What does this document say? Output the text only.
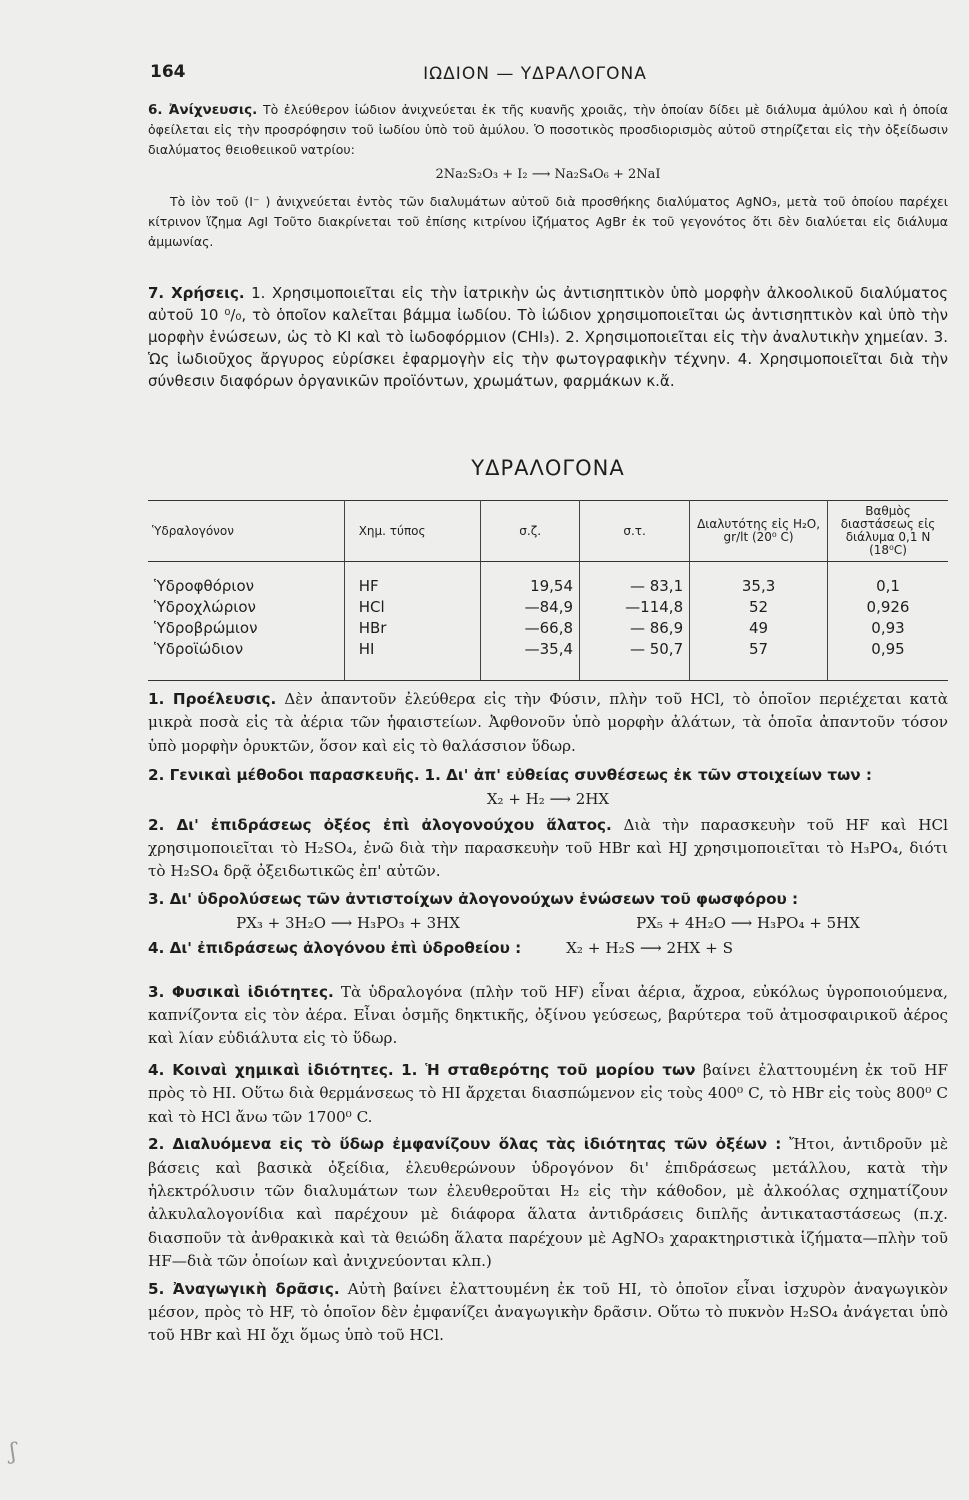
164	ΙΩΔΙΟΝ — ΥΔΡΑΛΟΓΟΝΑ

6. Ἀνίχνευσις. Τὸ ἐλεύθερον ἰώδιον ἀνιχνεύεται ἐκ τῆς κυανῆς χροιᾶς, τὴν ὁποίαν δίδει μὲ διάλυμα ἀμύλου καὶ ἡ ὁποία ὀφείλεται εἰς τὴν προσρόφησιν τοῦ ἰωδίου ὑπὸ τοῦ ἀμύλου. Ὁ ποσοτικὸς προσδιορισμὸς αὐτοῦ στηρίζεται εἰς τὴν ὀξείδωσιν διαλύματος θειοθειικοῦ νατρίου:

2Na₂S₂O₃ + I₂ ⟶ Na₂S₄O₆ + 2NaI

Τὸ ἰὸν τοῦ (I⁻ ) ἀνιχνεύεται ἐντὸς τῶν διαλυμάτων αὐτοῦ διὰ προσθήκης διαλύματος AgNO₃, μετὰ τοῦ ὁποίου παρέχει κίτρινον ἵζημα AgI Τοῦτο διακρίνεται τοῦ ἐπίσης κιτρίνου ἱζήματος AgBr ἐκ τοῦ γεγονότος ὅτι δὲν διαλύεται εἰς διάλυμα ἀμμωνίας.

7. Χρήσεις. 1. Χρησιμοποιεῖται εἰς τὴν ἰατρικὴν ὡς ἀντισηπτικὸν ὑπὸ μορφὴν ἀλκοολικοῦ διαλύματος αὐτοῦ 10 ⁰/₀, τὸ ὁποῖον καλεῖται βάμμα ἰωδίου. Τὸ ἰώδιον χρησιμοποιεῖται ὡς ἀντισηπτικὸν καὶ ὑπὸ τὴν μορφὴν ἑνώσεων, ὡς τὸ ΚΙ καὶ τὸ ἰωδοφόρμιον (CHI₃). 2. Χρησιμοποιεῖται εἰς τὴν ἀναλυτικὴν χημείαν. 3. Ὡς ἰωδιοῦχος ἄργυρος εὑρίσκει ἐφαρμογὴν εἰς τὴν φωτογραφικὴν τέχνην. 4. Χρησιμοποιεῖται διὰ τὴν σύνθεσιν διαφόρων ὀργανικῶν προϊόντων, χρωμάτων, φαρμάκων κ.ἄ.

ΥΔΡΑΛΟΓΟΝΑ
Ὑδραλογόνον	Χημ. τύπος	σ.ζ.	σ.τ.	Διαλυτότης εἰς H₂O, gr/lt (20⁰ C)	Βαθμὸς διαστάσεως εἰς διάλυμα 0,1 N (18⁰C)
Ὑδροφθόριον	HF	19,54	— 83,1	35,3	0,1
Ὑδροχλώριον	HCl	—84,9	—114,8	52	0,926
Ὑδροβρώμιον	HBr	—66,8	— 86,9	49	0,93
Ὑδροϊώδιον	HI	—35,4	— 50,7	57	0,95

1. Προέλευσις. Δὲν ἀπαντοῦν ἐλεύθερα εἰς τὴν Φύσιν, πλὴν τοῦ HCl, τὸ ὁποῖον περιέχεται κατὰ μικρὰ ποσὰ εἰς τὰ ἀέρια τῶν ἡφαιστείων. Ἀφθονοῦν ὑπὸ μορφὴν ἀλάτων, τὰ ὁποῖα ἀπαντοῦν τόσον ὑπὸ μορφὴν ὀρυκτῶν, ὅσον καὶ εἰς τὸ θαλάσσιον ὕδωρ.

2. Γενικαὶ μέθοδοι παρασκευῆς. 1. Δι' ἀπ' εὐθείας συνθέσεως ἐκ τῶν στοιχείων των :

X₂ + H₂ ⟶ 2HX

2. Δι' ἐπιδράσεως ὀξέος ἐπὶ ἀλογονούχου ἅλατος. Διὰ τὴν παρασκευὴν τοῦ HF καὶ HCl χρησιμοποιεῖται τὸ H₂SO₄, ἐνῶ διὰ τὴν παρασκευὴν τοῦ HBr καὶ HJ χρησιμοποιεῖται τὸ H₃PO₄, διότι τὸ H₂SO₄ δρᾷ ὀξειδωτικῶς ἐπ' αὐτῶν.

3. Δι' ὑδρολύσεως τῶν ἀντιστοίχων ἀλογονούχων ἑνώσεων τοῦ φωσφόρου :

PX₃ + 3H₂O ⟶ H₃PO₃ + 3HX	PX₅ + 4H₂O ⟶ H₃PO₄ + 5HX

4. Δι' ἐπιδράσεως ἀλογόνου ἐπὶ ὑδροθείου :	X₂ + H₂S ⟶ 2HX + S

3. Φυσικαὶ ἰδιότητες. Τὰ ὑδραλογόνα (πλὴν τοῦ HF) εἶναι ἀέρια, ἄχροα, εὐκόλως ὑγροποιούμενα, καπνίζοντα εἰς τὸν ἀέρα. Εἶναι ὀσμῆς δηκτικῆς, ὀξίνου γεύσεως, βαρύτερα τοῦ ἀτμοσφαιρικοῦ ἀέρος καὶ λίαν εὐδιάλυτα εἰς τὸ ὕδωρ.

4. Κοιναὶ χημικαὶ ἰδιότητες. 1. Ἡ σταθερότης τοῦ μορίου των βαίνει ἐλαττουμένη ἐκ τοῦ HF πρὸς τὸ HI. Οὕτω διὰ θερμάνσεως τὸ HI ἄρχεται διασπώμενον εἰς τοὺς 400⁰ C, τὸ HBr εἰς τοὺς 800⁰ C καὶ τὸ HCl ἄνω τῶν 1700⁰ C.

2. Διαλυόμενα εἰς τὸ ὕδωρ ἐμφανίζουν ὅλας τὰς ἰδιότητας τῶν ὀξέων : Ἤτοι, ἀντιδροῦν μὲ βάσεις καὶ βασικὰ ὀξείδια, ἐλευθερώνουν ὑδρογόνον δι' ἐπιδράσεως μετάλλου, κατὰ τὴν ἠλεκτρόλυσιν τῶν διαλυμάτων των ἐλευθεροῦται H₂ εἰς τὴν κάθοδον, μὲ ἀλκοόλας σχηματίζουν ἀλκυλαλογονίδια καὶ παρέχουν μὲ διάφορα ἅλατα ἀντιδράσεις διπλῆς ἀντικαταστάσεως (π.χ. διασποῦν τὰ ἀνθρακικὰ καὶ τὰ θειώδη ἅλατα παρέχουν μὲ AgNO₃ χαρακτηριστικὰ ἱζήματα—πλὴν τοῦ HF—διὰ τῶν ὁποίων καὶ ἀνιχνεύονται κλπ.)

5. Ἀναγωγικὴ δρᾶσις. Αὐτὴ βαίνει ἐλαττουμένη ἐκ τοῦ HI, τὸ ὁποῖον εἶναι ἰσχυρὸν ἀναγωγικὸν μέσον, πρὸς τὸ HF, τὸ ὁποῖον δὲν ἐμφανίζει ἀναγωγικὴν δρᾶσιν. Οὕτω τὸ πυκνὸν H₂SO₄ ἀνάγεται ὑπὸ τοῦ HBr καὶ HI ὄχι ὅμως ὑπὸ τοῦ HCl.

ʃ
